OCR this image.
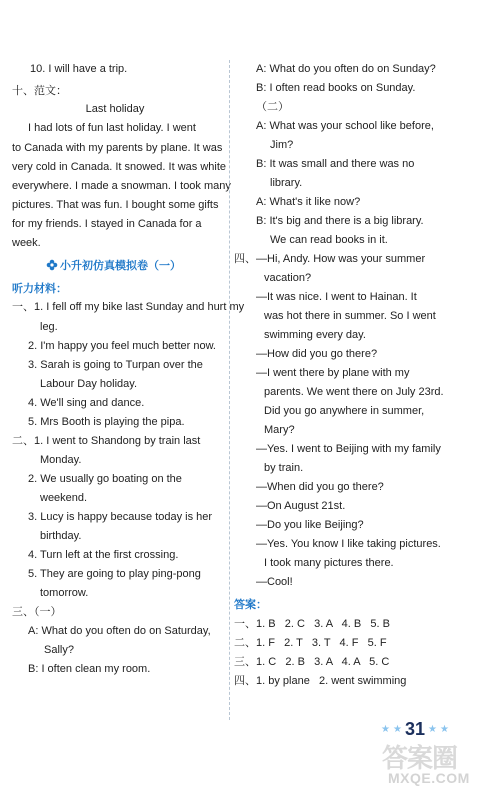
10. I will have a trip.
十、范文：
Last holiday
I had lots of fun last holiday. I went
to Canada with my parents by plane. It was
very cold in Canada. It snowed. It was white
everywhere. I made a snowman. I took many
pictures. That was fun. I bought some gifts
for my friends. I stayed in Canada for a
week.
小升初仿真模拟卷（一）
听力材料：
一、1. I fell off my bike last Sunday and hurt my
leg.
2. I'm happy you feel much better now.
3. Sarah is going to Turpan over the
Labour Day holiday.
4. We'll sing and dance.
5. Mrs Booth is playing the pipa.
二、1. I went to Shandong by train last
Monday.
2. We usually go boating on the
weekend.
3. Lucy is happy because today is her
birthday.
4. Turn left at the first crossing.
5. They are going to play ping-pong
tomorrow.
三、（一）
A: What do you often do on Saturday,
Sally?
B: I often clean my room.
A: What do you often do on Sunday?
B: I often read books on Sunday.
（二）
A: What was your school like before,
Jim?
B: It was small and there was no
library.
A: What's it like now?
B: It's big and there is a big library.
We can read books in it.
四、—Hi, Andy. How was your summer
vacation?
—It was nice. I went to Hainan. It
was hot there in summer. So I went
swimming every day.
—How did you go there?
—I went there by plane with my
parents. We went there on July 23rd.
Did you go anywhere in summer,
Mary?
—Yes. I went to Beijing with my family
by train.
—When did you go there?
—On August 21st.
—Do you like Beijing?
—Yes. You know I like taking pictures.
I took many pictures there.
—Cool!
答案：
一、1. B   2. C   3. A   4. B   5. B
二、1. F   2. T   3. T   4. F   5. F
三、1. C   2. B   3. A   4. A   5. C
四、1. by plane   2. went swimming
★ ★ 31 ★ ★
答案圈
MXQE.COM
